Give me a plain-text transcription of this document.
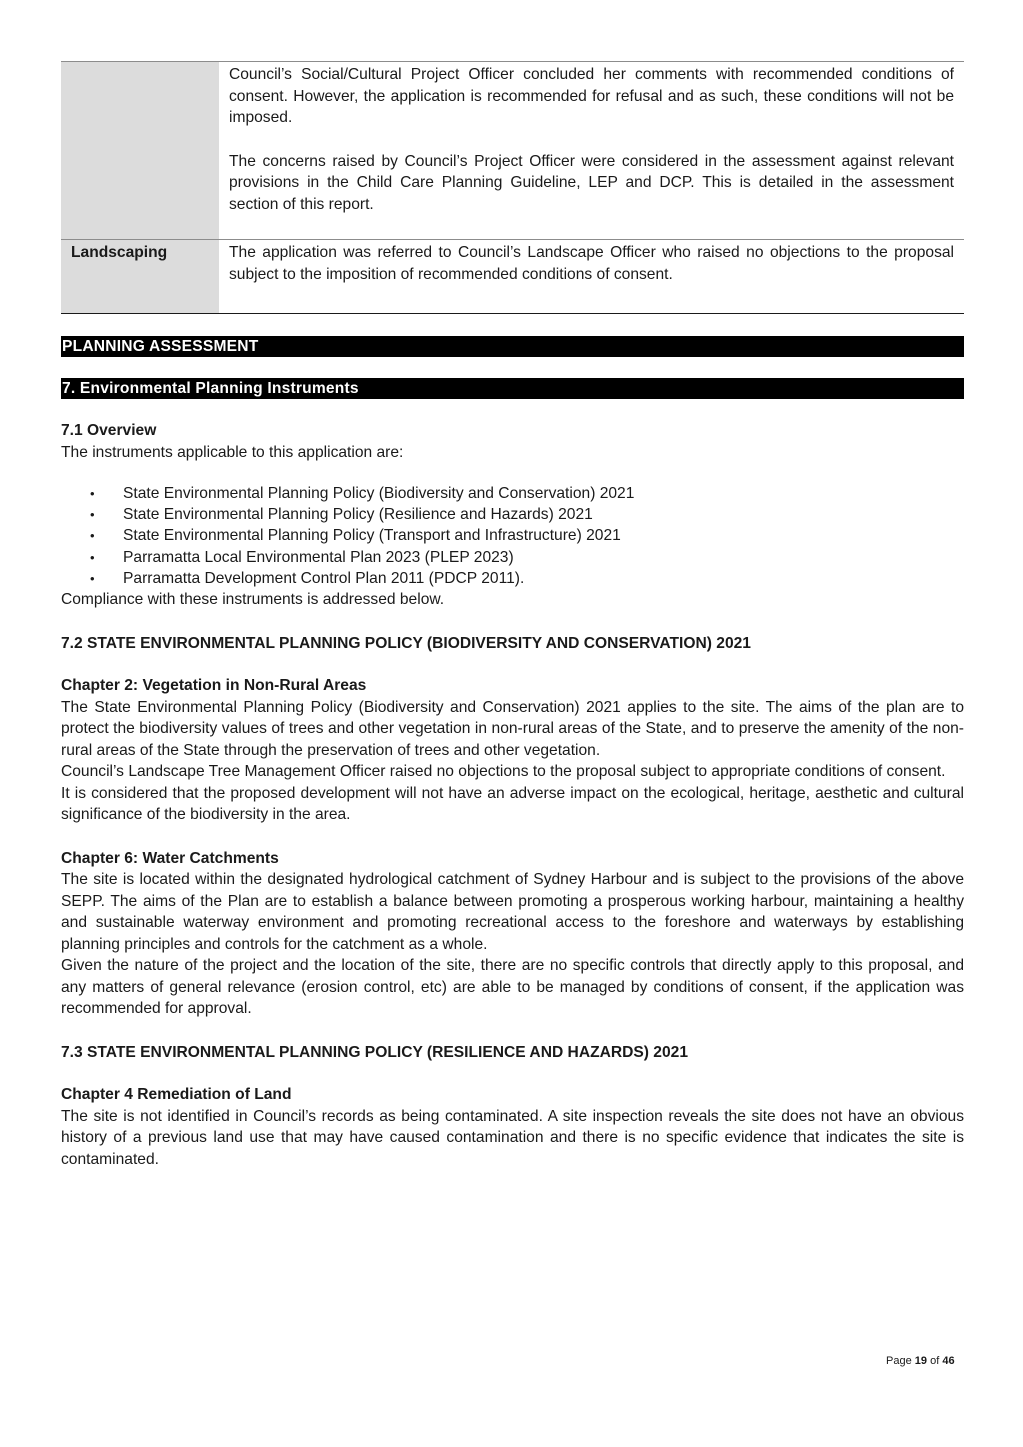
	Council’s Social/Cultural Project Officer concluded her comments with recommended conditions of consent. However, the application is recommended for refusal and as such, these conditions will not be imposed.

The concerns raised by Council’s Project Officer were considered in the assessment against relevant provisions in the Child Care Planning Guideline, LEP and DCP. This is detailed in the assessment section of this report.

Landscaping	The application was referred to Council’s Landscape Officer who raised no objections to the proposal subject to the imposition of recommended conditions of consent.

PLANNING ASSESSMENT
7. Environmental Planning Instruments
7.1 Overview

The instruments applicable to this application are:

• State Environmental Planning Policy (Biodiversity and Conservation) 2021
• State Environmental Planning Policy (Resilience and Hazards) 2021
• State Environmental Planning Policy (Transport and Infrastructure) 2021
• Parramatta Local Environmental Plan 2023 (PLEP 2023)
• Parramatta Development Control Plan 2011 (PDCP 2011).

Compliance with these instruments is addressed below.

7.2 STATE ENVIRONMENTAL PLANNING POLICY (BIODIVERSITY AND CONSERVATION) 2021
Chapter 2: Vegetation in Non-Rural Areas

The State Environmental Planning Policy (Biodiversity and Conservation) 2021 applies to the site. The aims of the plan are to protect the biodiversity values of trees and other vegetation in non-rural areas of the State, and to preserve the amenity of the non-rural areas of the State through the preservation of trees and other vegetation.

Council’s Landscape Tree Management Officer raised no objections to the proposal subject to appropriate conditions of consent.

It is considered that the proposed development will not have an adverse impact on the ecological, heritage, aesthetic and cultural significance of the biodiversity in the area.

Chapter 6: Water Catchments

The site is located within the designated hydrological catchment of Sydney Harbour and is subject to the provisions of the above SEPP. The aims of the Plan are to establish a balance between promoting a prosperous working harbour, maintaining a healthy and sustainable waterway environment and promoting recreational access to the foreshore and waterways by establishing planning principles and controls for the catchment as a whole.

Given the nature of the project and the location of the site, there are no specific controls that directly apply to this proposal, and any matters of general relevance (erosion control, etc) are able to be managed by conditions of consent, if the application was recommended for approval.

7.3 STATE ENVIRONMENTAL PLANNING POLICY (RESILIENCE AND HAZARDS) 2021
Chapter 4 Remediation of Land

The site is not identified in Council’s records as being contaminated. A site inspection reveals the site does not have an obvious history of a previous land use that may have caused contamination and there is no specific evidence that indicates the site is contaminated.

Page 19 of 46
